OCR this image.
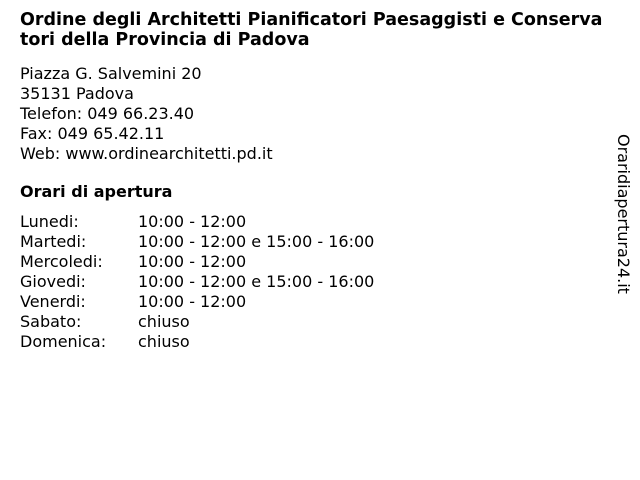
Ordine degli Architetti Pianificatori Paesaggisti e Conservatori della Provincia di Padova
Piazza G. Salvemini 20
35131 Padova
Telefon: 049 66.23.40
Fax: 049 65.42.11
Web: www.ordinearchitetti.pd.it
Orari di apertura
Lunedi:	10:00 - 12:00
Martedi:	10:00 - 12:00 e 15:00 - 16:00
Mercoledi:	10:00 - 12:00
Giovedi:	10:00 - 12:00 e 15:00 - 16:00
Venerdi:	10:00 - 12:00
Sabato:	chiuso
Domenica:	chiuso
Oraridiapertura24.it
